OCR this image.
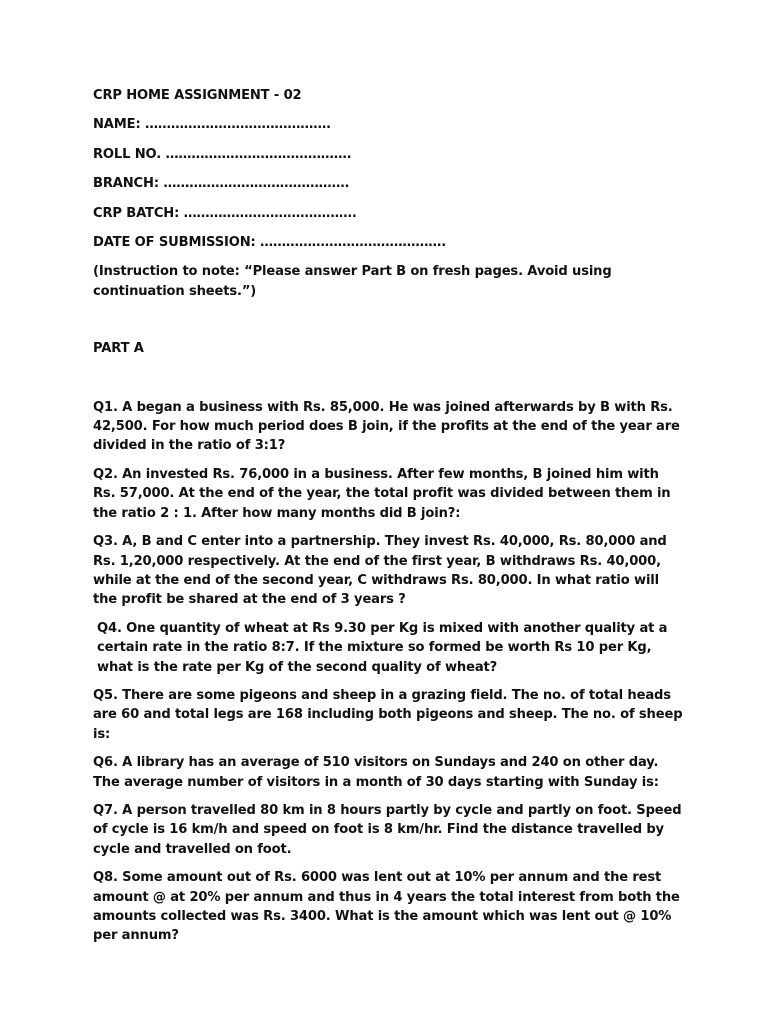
CRP HOME ASSIGNMENT - 02

NAME: …………………………………….

ROLL NO. …………………………………….

BRANCH: …………………………………….

CRP BATCH: ………………………………….

DATE OF SUBMISSION: …………………………………….

(Instruction to note: “Please answer Part B on fresh pages. Avoid using continuation sheets.”)

PART A

Q1. A began a business with Rs. 85,000. He was joined afterwards by B with Rs. 42,500. For how much period does B join, if the profits at the end of the year are divided in the ratio of 3:1?

Q2. An invested Rs. 76,000 in a business. After few months, B joined him with Rs. 57,000. At the end of the year, the total profit was divided between them in the ratio 2 : 1. After how many months did B join?:

Q3. A, B and C enter into a partnership. They invest Rs. 40,000, Rs. 80,000 and Rs. 1,20,000 respectively. At the end of the first year, B withdraws Rs. 40,000, while at the end of the second year, C withdraws Rs. 80,000. In what ratio will the profit be shared at the end of 3 years ?

Q4. One quantity of wheat at Rs 9.30 per Kg is mixed with another quality at a certain rate in the ratio 8:7. If the mixture so formed be worth Rs 10 per Kg, what is the rate per Kg of the second quality of wheat?

Q5. There are some pigeons and sheep in a grazing field. The no. of total heads are 60 and total legs are 168 including both pigeons and sheep. The no. of sheep is:

Q6. A library has an average of 510 visitors on Sundays and 240 on other day. The average number of visitors in a month of 30 days starting with Sunday is:

Q7. A person travelled 80 km in 8 hours partly by cycle and partly on foot. Speed of cycle is 16 km/h and speed on foot is 8 km/hr. Find the distance travelled by cycle and travelled on foot.

Q8. Some amount out of Rs. 6000 was lent out at 10% per annum and the rest amount @ at 20% per annum and thus in 4 years the total interest from both the amounts collected was Rs. 3400. What is the amount which was lent out @ 10% per annum?
